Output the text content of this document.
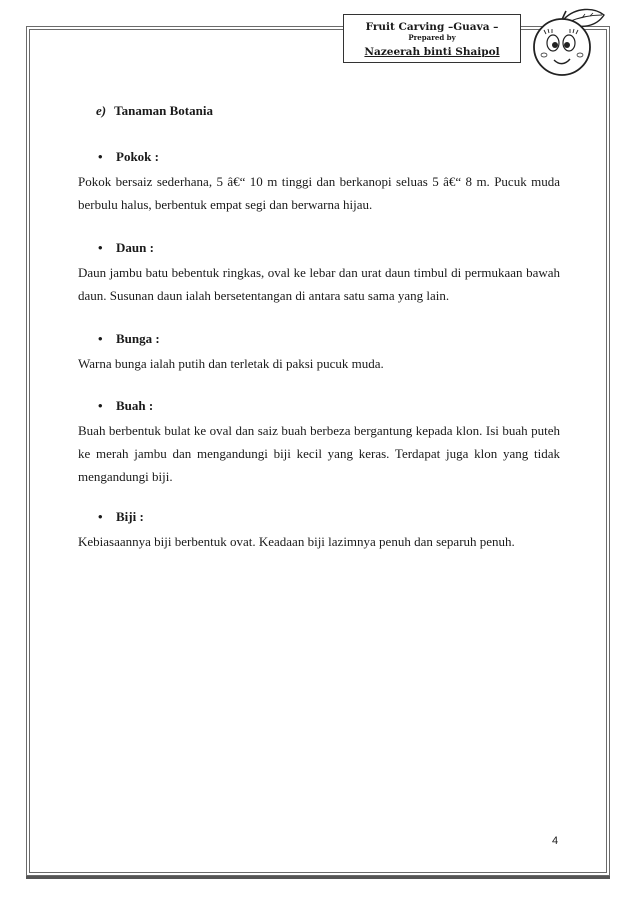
Fruit Carving –Guava –
Prepared by
Nazeerah binti Shaipol
e) Tanaman Botania
• Pokok :
Pokok bersaiz sederhana, 5 â€“ 10 m tinggi dan berkanopi seluas 5 â€“ 8 m. Pucuk muda berbulu halus, berbentuk empat segi dan berwarna hijau.
• Daun :
Daun jambu batu bebentuk ringkas, oval ke lebar dan urat daun timbul di permukaan bawah daun. Susunan daun ialah bersetentangan di antara satu sama yang lain.
• Bunga :
Warna bunga ialah putih dan terletak di paksi pucuk muda.
• Buah :
Buah berbentuk bulat ke oval dan saiz buah berbeza bergantung kepada klon. Isi buah puteh ke merah jambu dan mengandungi biji kecil yang keras. Terdapat juga klon yang tidak mengandungi biji.
• Biji :
Kebiasaannya biji berbentuk ovat. Keadaan biji lazimnya penuh dan separuh penuh.
4
